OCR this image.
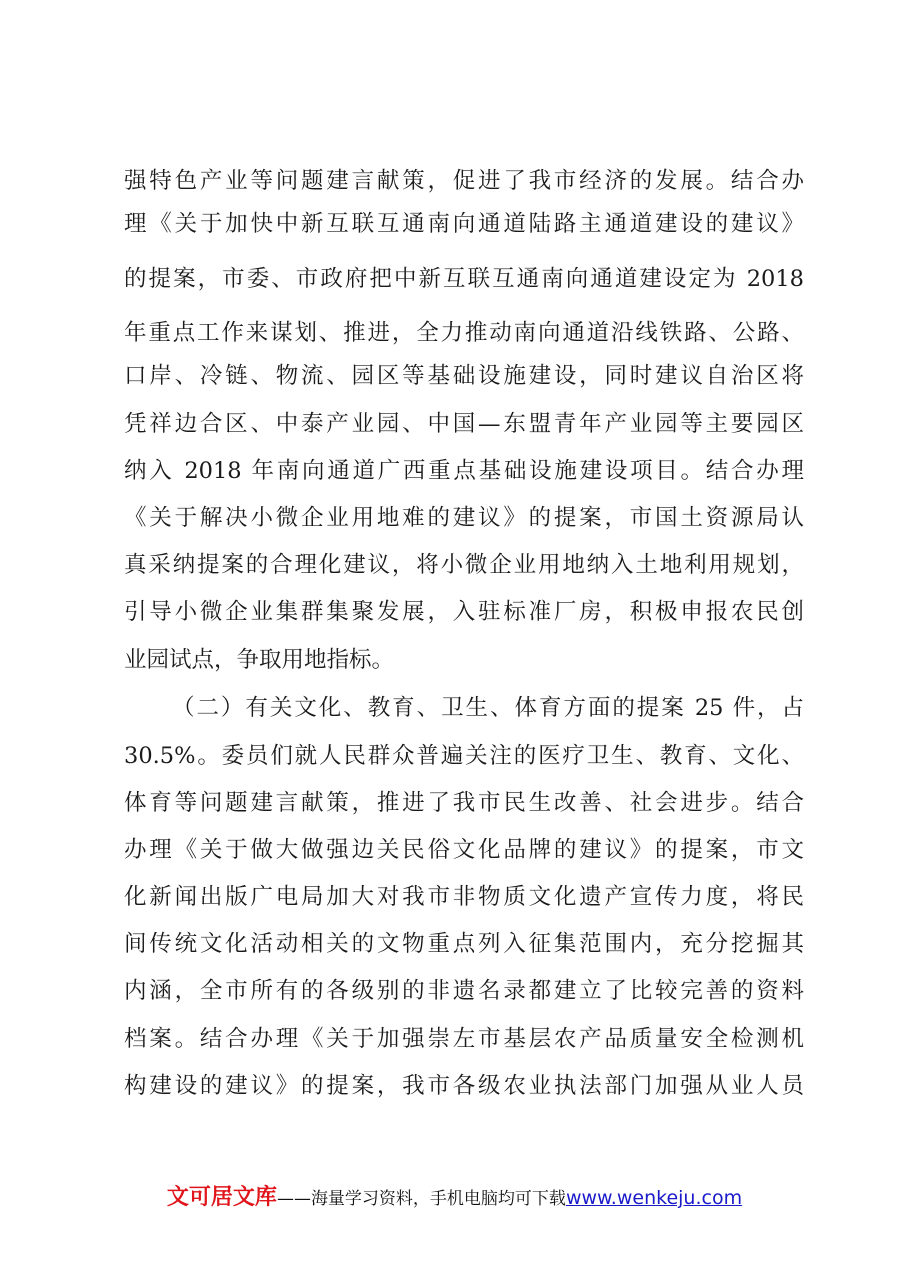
强特色产业等问题建言献策，促进了我市经济的发展。结合办
理《关于加快中新互联互通南向通道陆路主通道建设的建议》
的提案，市委、市政府把中新互联互通南向通道建设定为 2018
年重点工作来谋划、推进，全力推动南向通道沿线铁路、公路、
口岸、冷链、物流、园区等基础设施建设，同时建议自治区将
凭祥边合区、中泰产业园、中国—东盟青年产业园等主要园区
纳入 2018 年南向通道广西重点基础设施建设项目。结合办理
《关于解决小微企业用地难的建议》的提案，市国土资源局认
真采纳提案的合理化建议，将小微企业用地纳入土地利用规划，
引导小微企业集群集聚发展，入驻标准厂房，积极申报农民创
业园试点，争取用地指标。
（二）有关文化、教育、卫生、体育方面的提案 25 件，占
30.5%。委员们就人民群众普遍关注的医疗卫生、教育、文化、
体育等问题建言献策，推进了我市民生改善、社会进步。结合
办理《关于做大做强边关民俗文化品牌的建议》的提案，市文
化新闻出版广电局加大对我市非物质文化遗产宣传力度，将民
间传统文化活动相关的文物重点列入征集范围内，充分挖掘其
内涵，全市所有的各级别的非遗名录都建立了比较完善的资料
档案。结合办理《关于加强崇左市基层农产品质量安全检测机
构建设的建议》的提案，我市各级农业执法部门加强从业人员
文可居文库——海量学习资料，手机电脑均可下载www.wenkeju.com
